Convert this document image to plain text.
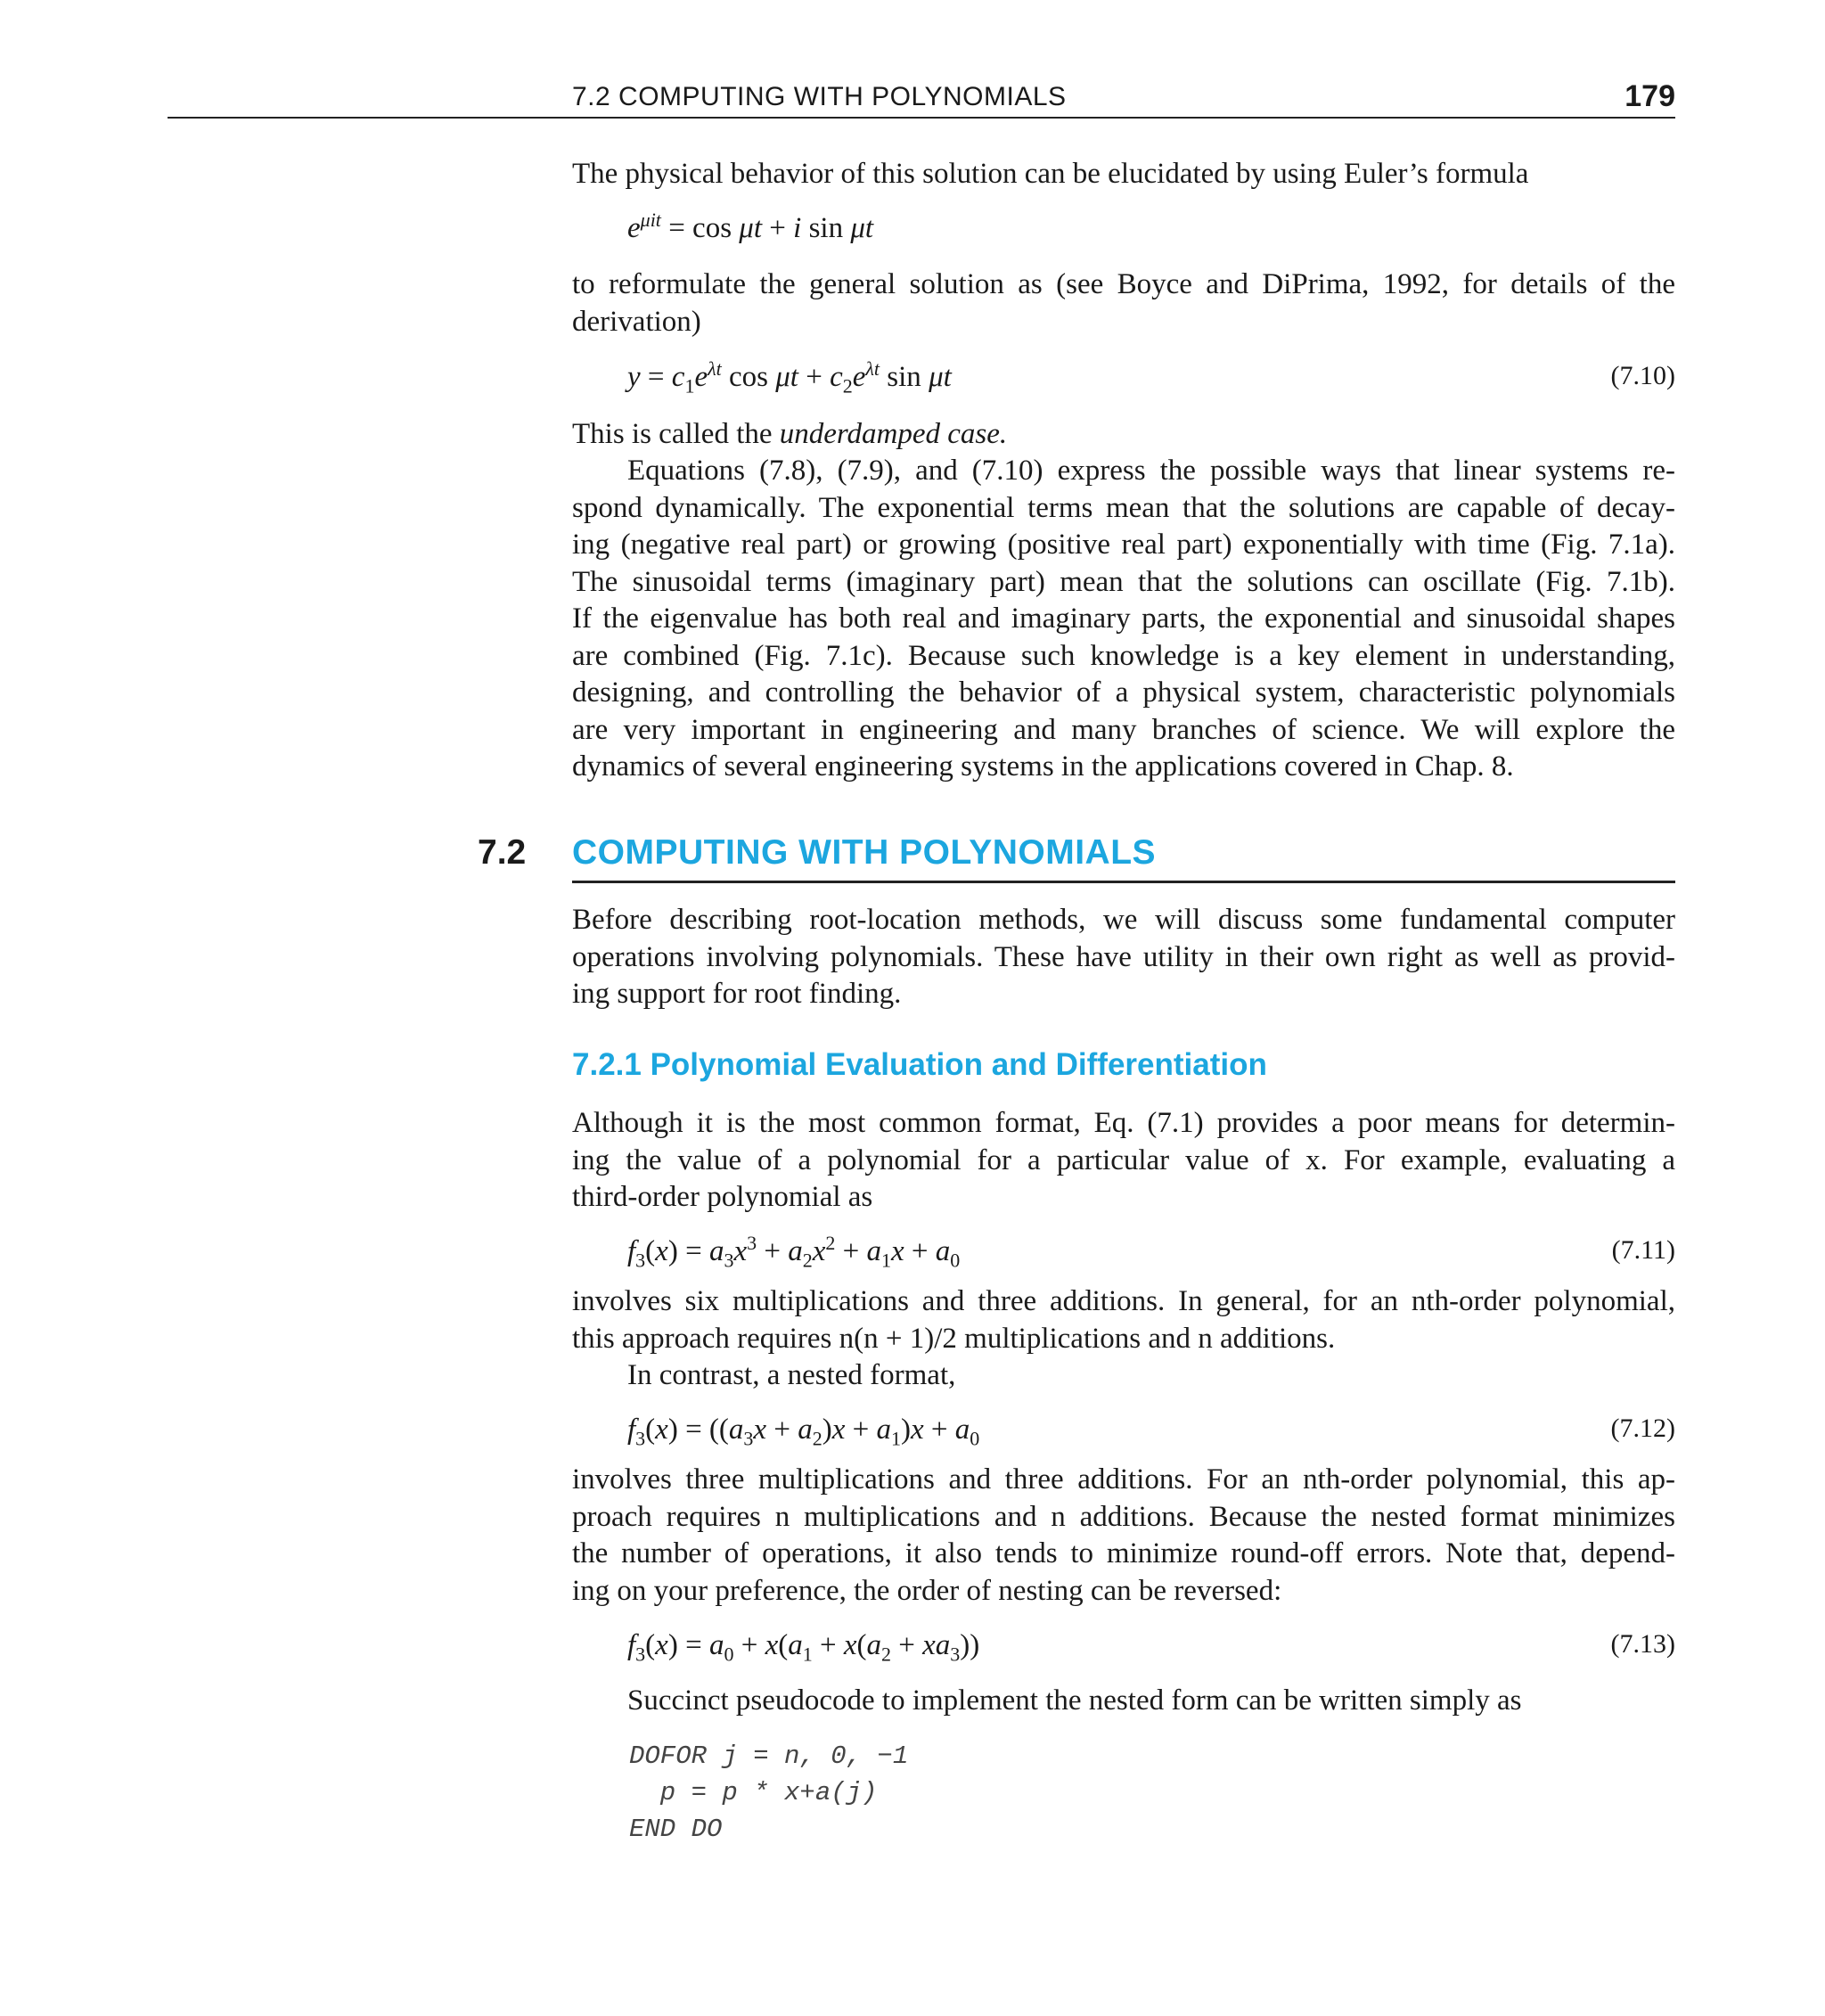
7.2 COMPUTING WITH POLYNOMIALS	179

The physical behavior of this solution can be elucidated by using Euler’s formula

$e^{\mu it} = \cos \mu t + i$ sin μt

to reformulate the general solution as (see Boyce and DiPrima, 1992, for details of the
derivation)

$y = c_1e^{\lambda t}$ $\cos \mu t + c_2e^{\lambda t}$ sin μt	(7.10)

This is called the underdamped case.

Equations (7.8), (7.9), and (7.10) express the possible ways that linear systems re-
spond dynamically. The exponential terms mean that the solutions are capable of decay-
ing (negative real part) or growing (positive real part) exponentially with time (Fig. 7.1a).
The sinusoidal terms (imaginary part) mean that the solutions can oscillate (Fig. 7.1b).
If the eigenvalue has both real and imaginary parts, the exponential and sinusoidal shapes
are combined (Fig. 7.1c). Because such knowledge is a key element in understanding,
designing, and controlling the behavior of a physical system, characteristic polynomials
are very important in engineering and many branches of science. We will explore the
dynamics of several engineering systems in the applications covered in Chap. 8.

7.2 COMPUTING WITH POLYNOMIALS

Before describing root-location methods, we will discuss some fundamental computer
operations involving polynomials. These have utility in their own right as well as provid-
ing support for root finding.

7.2.1 Polynomial Evaluation and Differentiation

Although it is the most common format, Eq. (7.1) provides a poor means for determin-
ing the value of a polynomial for a particular value of x. For example, evaluating a
third-order polynomial as

$f_3(x) = a_3x^3 + a_2x^2 + a_1x + a_0$	(7.11)

involves six multiplications and three additions. In general, for an nth-order polynomial,
this approach requires n(n + 1)/2 multiplications and n additions.

In contrast, a nested format,

$f_3(x) = ((a_3x + a_2)x + a_1)x + a_0$	(7.12)

involves three multiplications and three additions. For an nth-order polynomial, this ap-
proach requires n multiplications and n additions. Because the nested format minimizes
the number of operations, it also tends to minimize round-off errors. Note that, depend-
ing on your preference, the order of nesting can be reversed:

$f_3(x) = a_0 + x(a_1 + x(a_2 + xa_3))$	(7.13)

Succinct pseudocode to implement the nested form can be written simply as

DOFOR j = n, 0, −1
p = p * x+a(j)
END DO
